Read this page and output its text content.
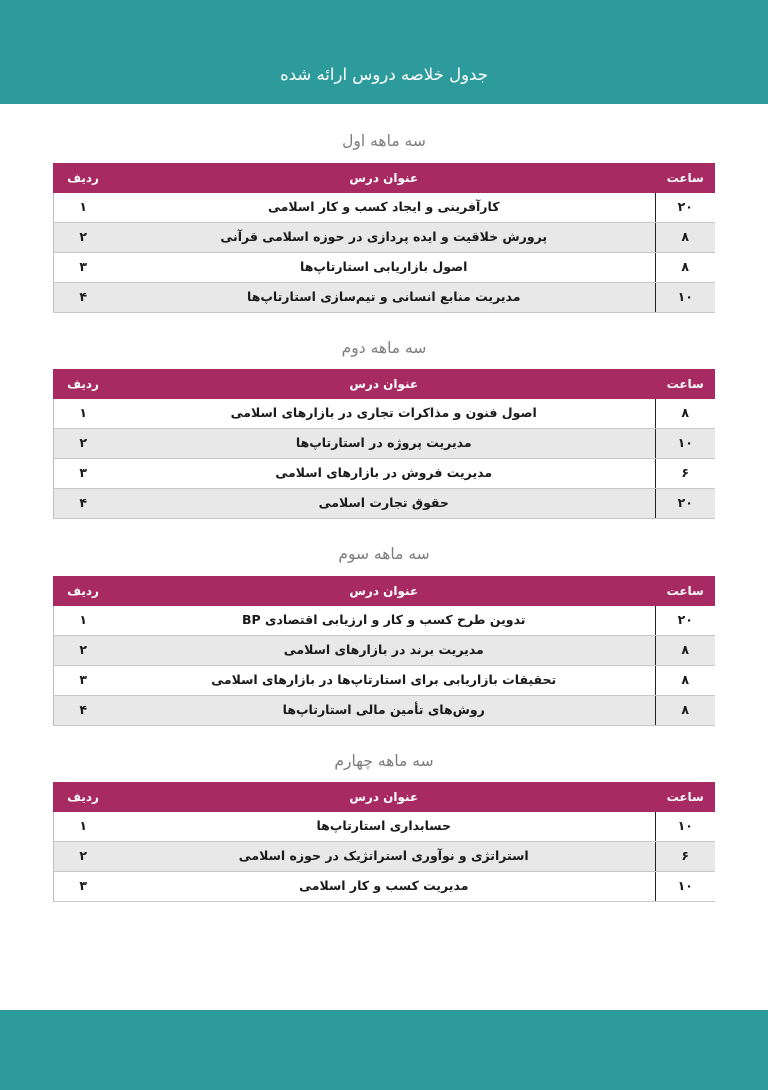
جدول خلاصه دروس ارائه شده
سه ماهه اول
ساعت	عنوان درس	ردیف
۲۰	کارآفرینی و ایجاد کسب و کار اسلامی	۱
۸	پرورش خلاقیت و ایده پردازی در حوزه اسلامی قرآنی	۲
۸	اصول بازاریابی استارتاپ‌ها	۳
۱۰	مدیریت منابع انسانی و تیم‌سازی استارتاپ‌ها	۴
سه ماهه دوم
ساعت	عنوان درس	ردیف
۸	اصول فنون و مذاکرات تجاری در بازارهای اسلامی	۱
۱۰	مدیریت پروژه در استارتاپ‌ها	۲
۶	مدیریت فروش در بازارهای اسلامی	۳
۲۰	حقوق تجارت اسلامی	۴
سه ماهه سوم
ساعت	عنوان درس	ردیف
۲۰	تدوین طرح کسب و کار و ارزیابی اقتصادی BP	۱
۸	مدیریت برند در بازارهای اسلامی	۲
۸	تحقیقات بازاریابی برای استارتاپ‌ها در بازارهای اسلامی	۳
۸	روش‌های تأمین مالی استارتاپ‌ها	۴
سه ماهه چهارم
ساعت	عنوان درس	ردیف
۱۰	حسابداری استارتاپ‌ها	۱
۶	استراتژی و نوآوری استراتژیک در حوزه اسلامی	۲
۱۰	مدیریت کسب و کار اسلامی	۳
